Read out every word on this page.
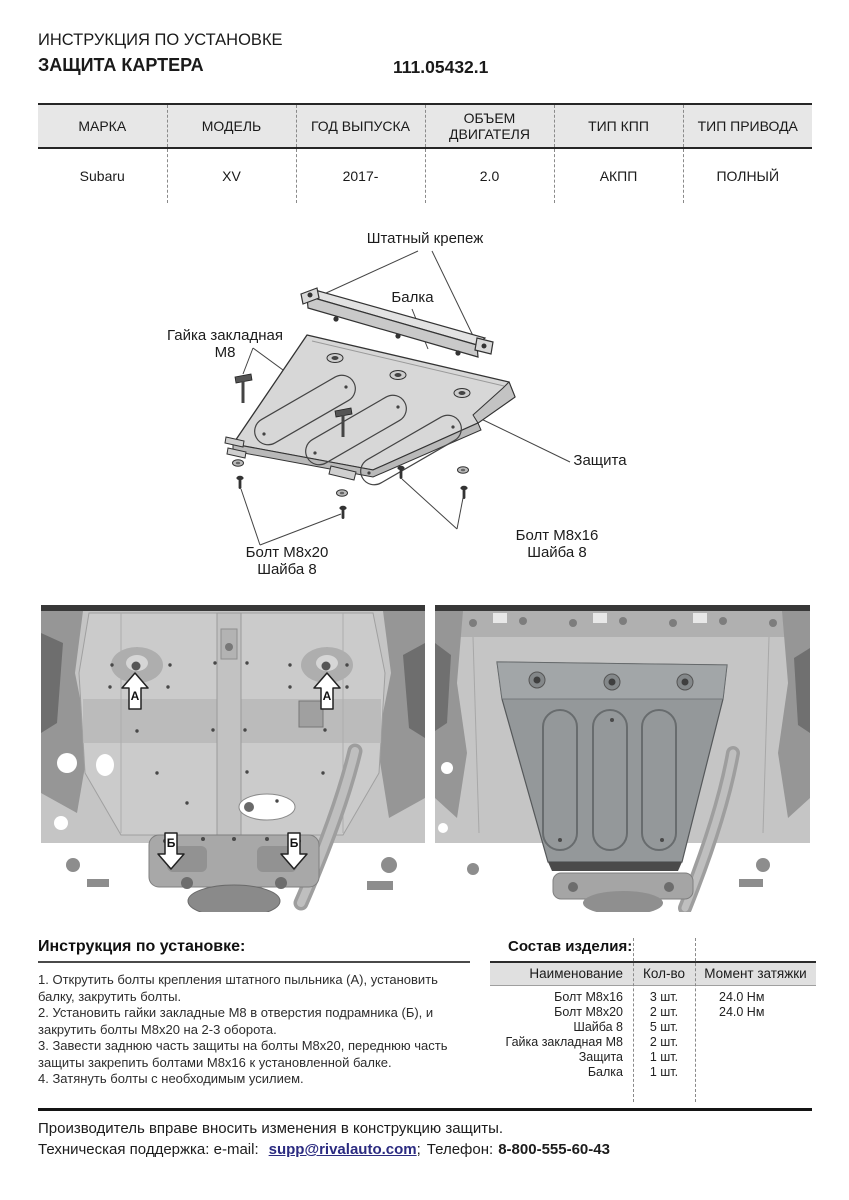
ИНСТРУКЦИЯ ПО УСТАНОВКЕ
ЗАЩИТА КАРТЕРА	111.05432.1
МАРКА	МОДЕЛЬ	ГОД ВЫПУСКА	ОБЪЕМ ДВИГАТЕЛЯ	ТИП КПП	ТИП ПРИВОДА
Subaru	XV	2017-	2.0	АКПП	ПОЛНЫЙ
Штатный крепеж
Балка
Гайка закладная М8
Защита
Болт М8х20
Шайба 8
Болт М8х16
Шайба 8
А	А
Б	Б
Инструкция по установке:

1. Открутить болты крепления штатного пыльника (А), установить балку, закрутить болты.

2. Установить гайки закладные М8 в отверстия подрамника (Б), и закрутить болты М8х20 на 2-3 оборота.

3. Завести заднюю часть защиты на болты М8х20, переднюю часть защиты закрепить болтами М8х16 к установленной балке.

4. Затянуть болты с необходимым усилием.

Состав изделия:
Наименование	Кол-во	Момент затяжки
Болт М8х16	3 шт.	24.0 Нм
Болт М8х20	2 шт.	24.0 Нм
Шайба 8	5 шт.
Гайка закладная М8	2 шт.
Защита	1 шт.
Балка	1 шт.
Производитель вправе вносить изменения в конструкцию защиты.
Техническая поддержка: e-mail: supp@rivalauto.com; Телефон: 8-800-555-60-43
